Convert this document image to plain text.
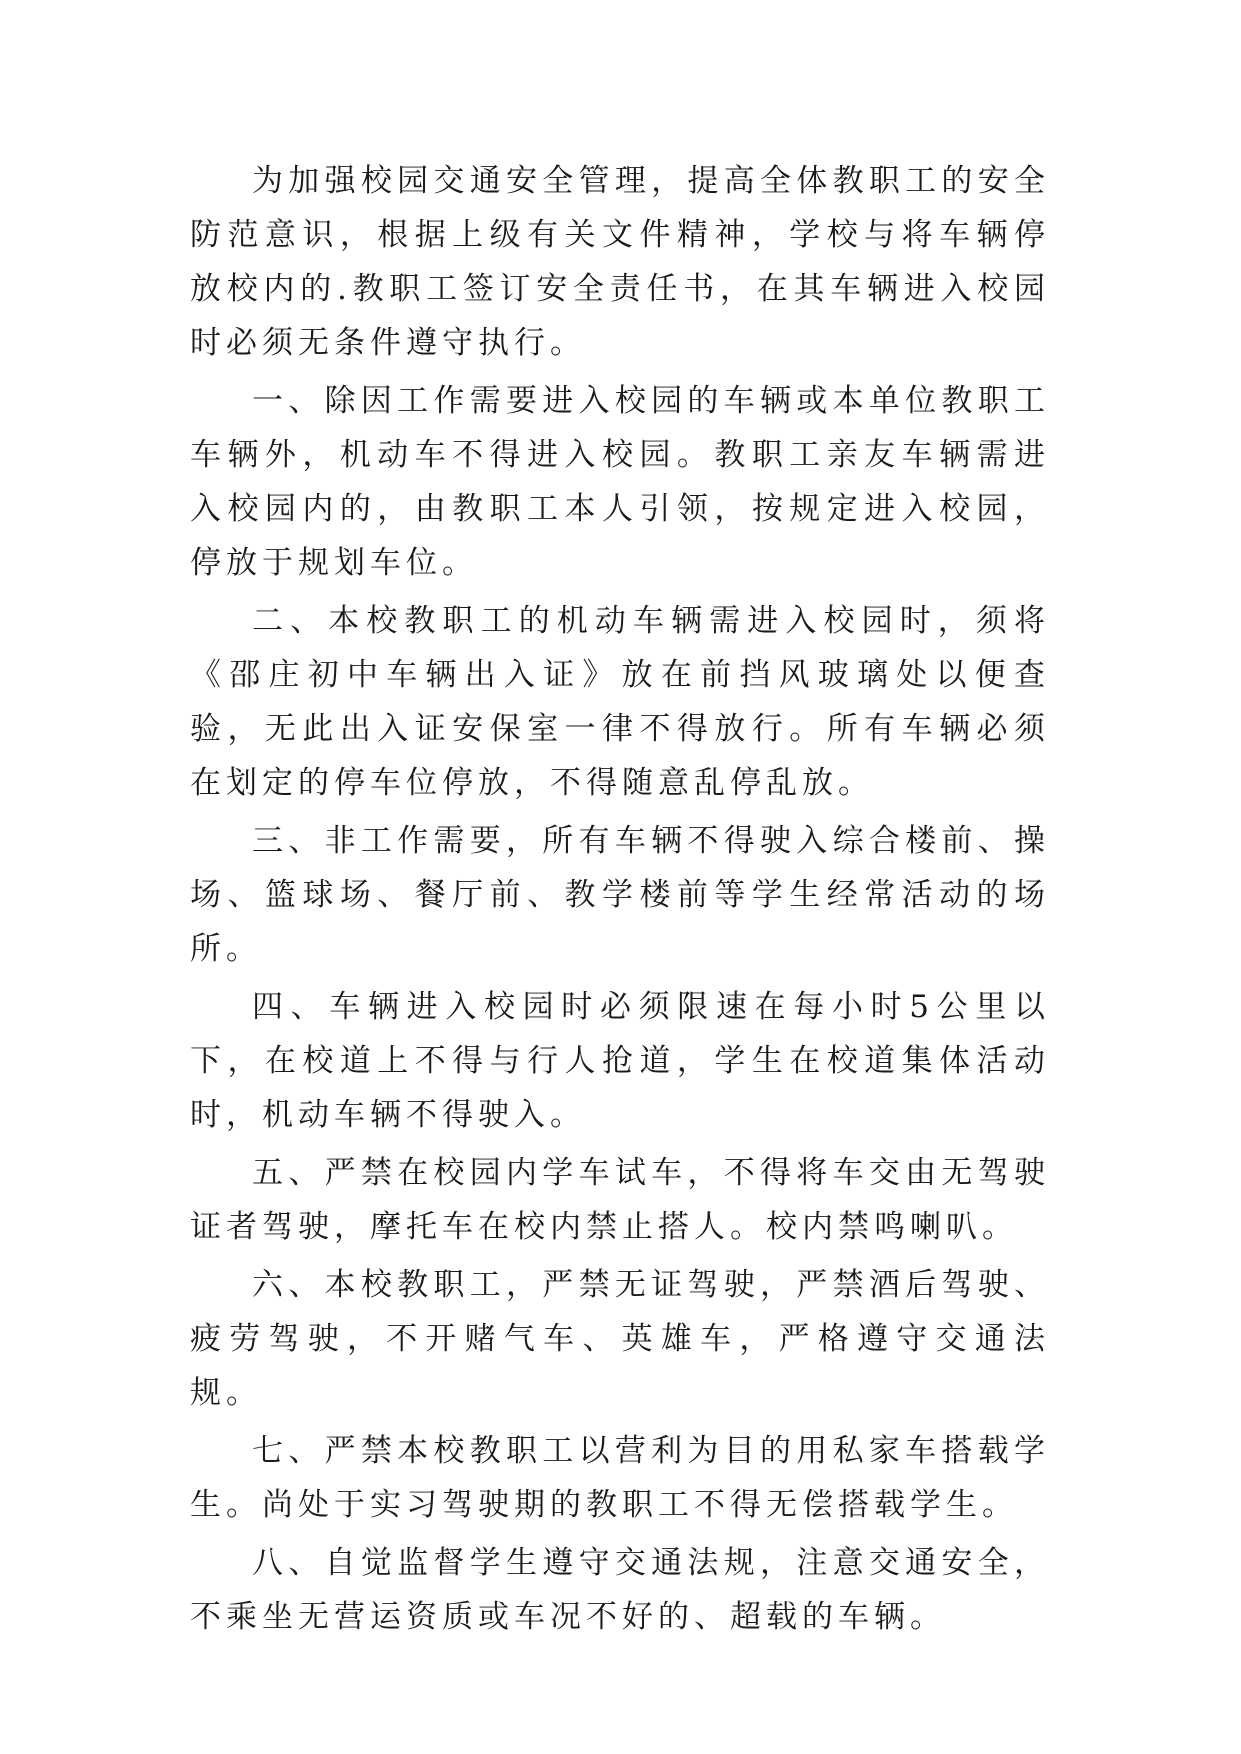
为加强校园交通安全管理，提高全体教职工的安全防范意识，根据上级有关文件精神，学校与将车辆停放校内的.教职工签订安全责任书，在其车辆进入校园时必须无条件遵守执行。

一、除因工作需要进入校园的车辆或本单位教职工车辆外，机动车不得进入校园。教职工亲友车辆需进入校园内的，由教职工本人引领，按规定进入校园，停放于规划车位。

二、本校教职工的机动车辆需进入校园时，须将《邵庄初中车辆出入证》放在前挡风玻璃处以便查验，无此出入证安保室一律不得放行。所有车辆必须在划定的停车位停放，不得随意乱停乱放。

三、非工作需要，所有车辆不得驶入综合楼前、操场、篮球场、餐厅前、教学楼前等学生经常活动的场所。

四、车辆进入校园时必须限速在每小时5公里以下，在校道上不得与行人抢道，学生在校道集体活动时，机动车辆不得驶入。

五、严禁在校园内学车试车，不得将车交由无驾驶证者驾驶，摩托车在校内禁止搭人。校内禁鸣喇叭。

六、本校教职工，严禁无证驾驶，严禁酒后驾驶、疲劳驾驶，不开赌气车、英雄车，严格遵守交通法规。

七、严禁本校教职工以营利为目的用私家车搭载学生。尚处于实习驾驶期的教职工不得无偿搭载学生。

八、自觉监督学生遵守交通法规，注意交通安全，不乘坐无营运资质或车况不好的、超载的车辆。
